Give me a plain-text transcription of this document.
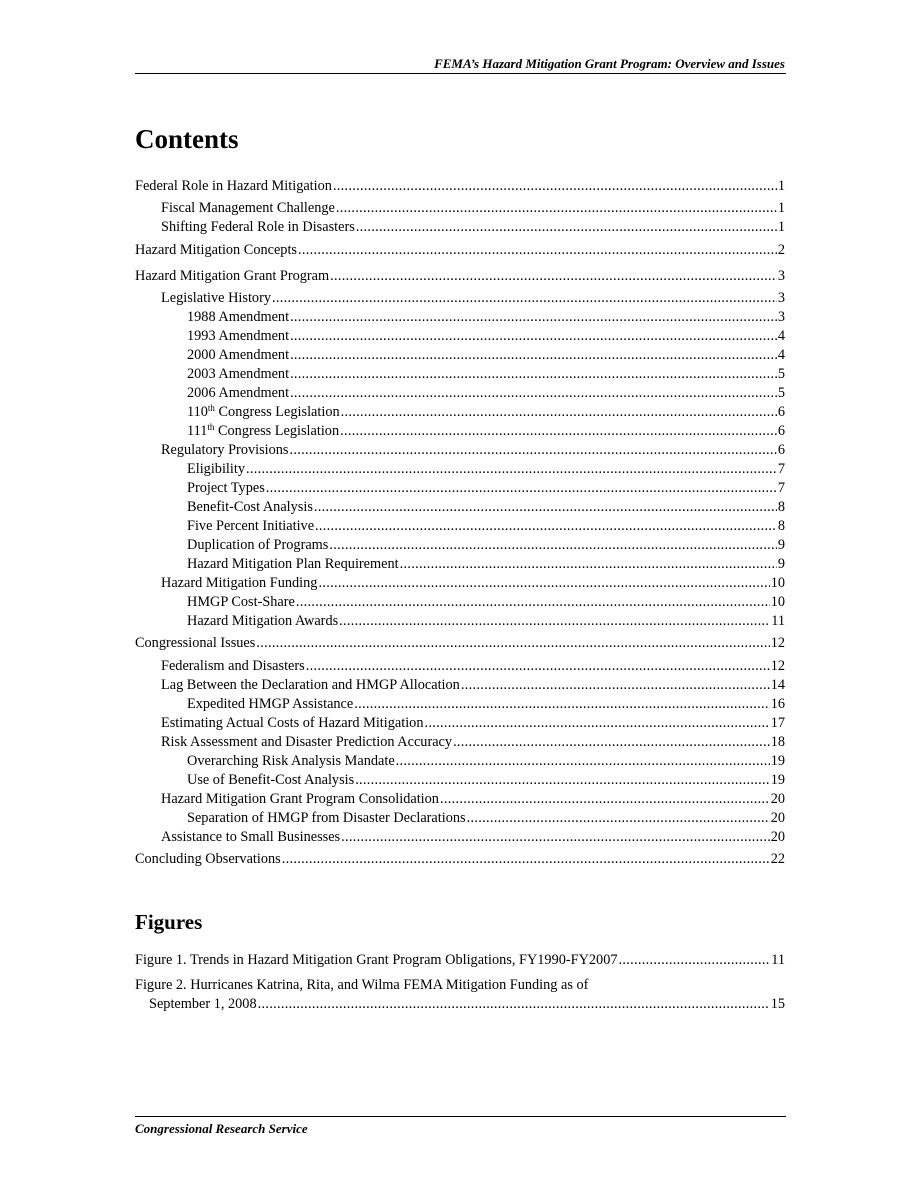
FEMA’s Hazard Mitigation Grant Program: Overview and Issues
Contents
Federal Role in Hazard Mitigation .....	1
Fiscal Management Challenge .....	1
Shifting Federal Role in Disasters .....	1
Hazard Mitigation Concepts .....	2
Hazard Mitigation Grant Program .....	3
Legislative History .....	3
1988 Amendment .....	3
1993 Amendment .....	4
2000 Amendment .....	4
2003 Amendment .....	5
2006 Amendment .....	5
110th Congress Legislation .....	6
111th Congress Legislation .....	6
Regulatory Provisions .....	6
Eligibility .....	7
Project Types .....	7
Benefit-Cost Analysis .....	8
Five Percent Initiative .....	8
Duplication of Programs .....	9
Hazard Mitigation Plan Requirement .....	9
Hazard Mitigation Funding .....	10
HMGP Cost-Share .....	10
Hazard Mitigation Awards .....	11
Congressional Issues .....	12
Federalism and Disasters .....	12
Lag Between the Declaration and HMGP Allocation .....	14
Expedited HMGP Assistance .....	16
Estimating Actual Costs of Hazard Mitigation .....	17
Risk Assessment and Disaster Prediction Accuracy .....	18
Overarching Risk Analysis Mandate .....	19
Use of Benefit-Cost Analysis .....	19
Hazard Mitigation Grant Program Consolidation .....	20
Separation of HMGP from Disaster Declarations .....	20
Assistance to Small Businesses .....	20
Concluding Observations .....	22
Figures
Figure 1. Trends in Hazard Mitigation Grant Program Obligations, FY1990-FY2007 .....	11
Figure 2. Hurricanes Katrina, Rita, and Wilma FEMA Mitigation Funding as of
September 1, 2008 .....	15
Congressional Research Service
